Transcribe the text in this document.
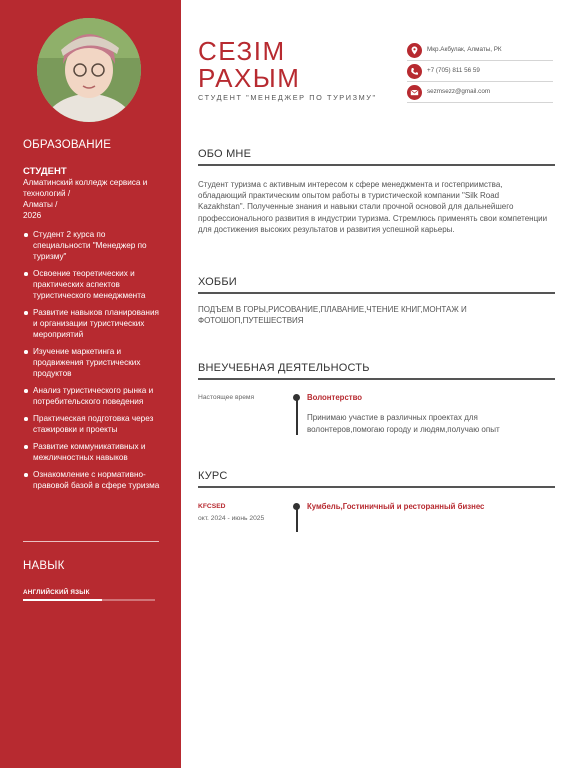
ОБРАЗОВАНИЕ
СТУДЕНТ
Алматинский колледж сервиса и технологий /
Алматы /
2026
Студент 2 курса по специальности "Менеджер по туризму"
Освоение теоретических и практических аспектов туристического менеджмента
Развитие навыков планирования и организации туристических мероприятий
Изучение маркетинга и продвижения туристических продуктов
Анализ туристического рынка и потребительского поведения
Практическая подготовка через стажировки и проекты
Развитие коммуникативных и межличностных навыков
Ознакомление с нормативно-правовой базой в сфере туризма
НАВЫК
АНГЛИЙСКИЙ ЯЗЫК
СЕЗІМ
РАХЫМ
СТУДЕНТ "МЕНЕДЖЕР ПО ТУРИЗМУ"
Мкр.Акбулак, Алматы, РК
+7 (705) 811 56 59
sezmsezz@gmail.com
ОБО МНЕ
Студент туризма с активным интересом к сфере менеджмента и гостеприимства, обладающий практическим опытом работы в туристической компании "Silk Road Kazakhstan". Полученные знания и навыки стали прочной основой для дальнейшего профессионального развития в индустрии туризма. Стремлюсь применять свои компетенции для достижения высоких результатов и развития успешной карьеры.
ХОББИ
ПОДЪЕМ В ГОРЫ,РИСОВАНИЕ,ПЛАВАНИЕ,ЧТЕНИЕ КНИГ,МОНТАЖ И ФОТОШОП,ПУТЕШЕСТВИЯ
ВНЕУЧЕБНАЯ ДЕЯТЕЛЬНОСТЬ
Настоящее время	Волонтерство
Принимаю участие в различных проектах для волонтеров,помогаю городу и людям,получаю опыт
КУРС
KFCSED
окт. 2024 - июнь 2025
Кумбель,Гостиничный и ресторанный бизнес
